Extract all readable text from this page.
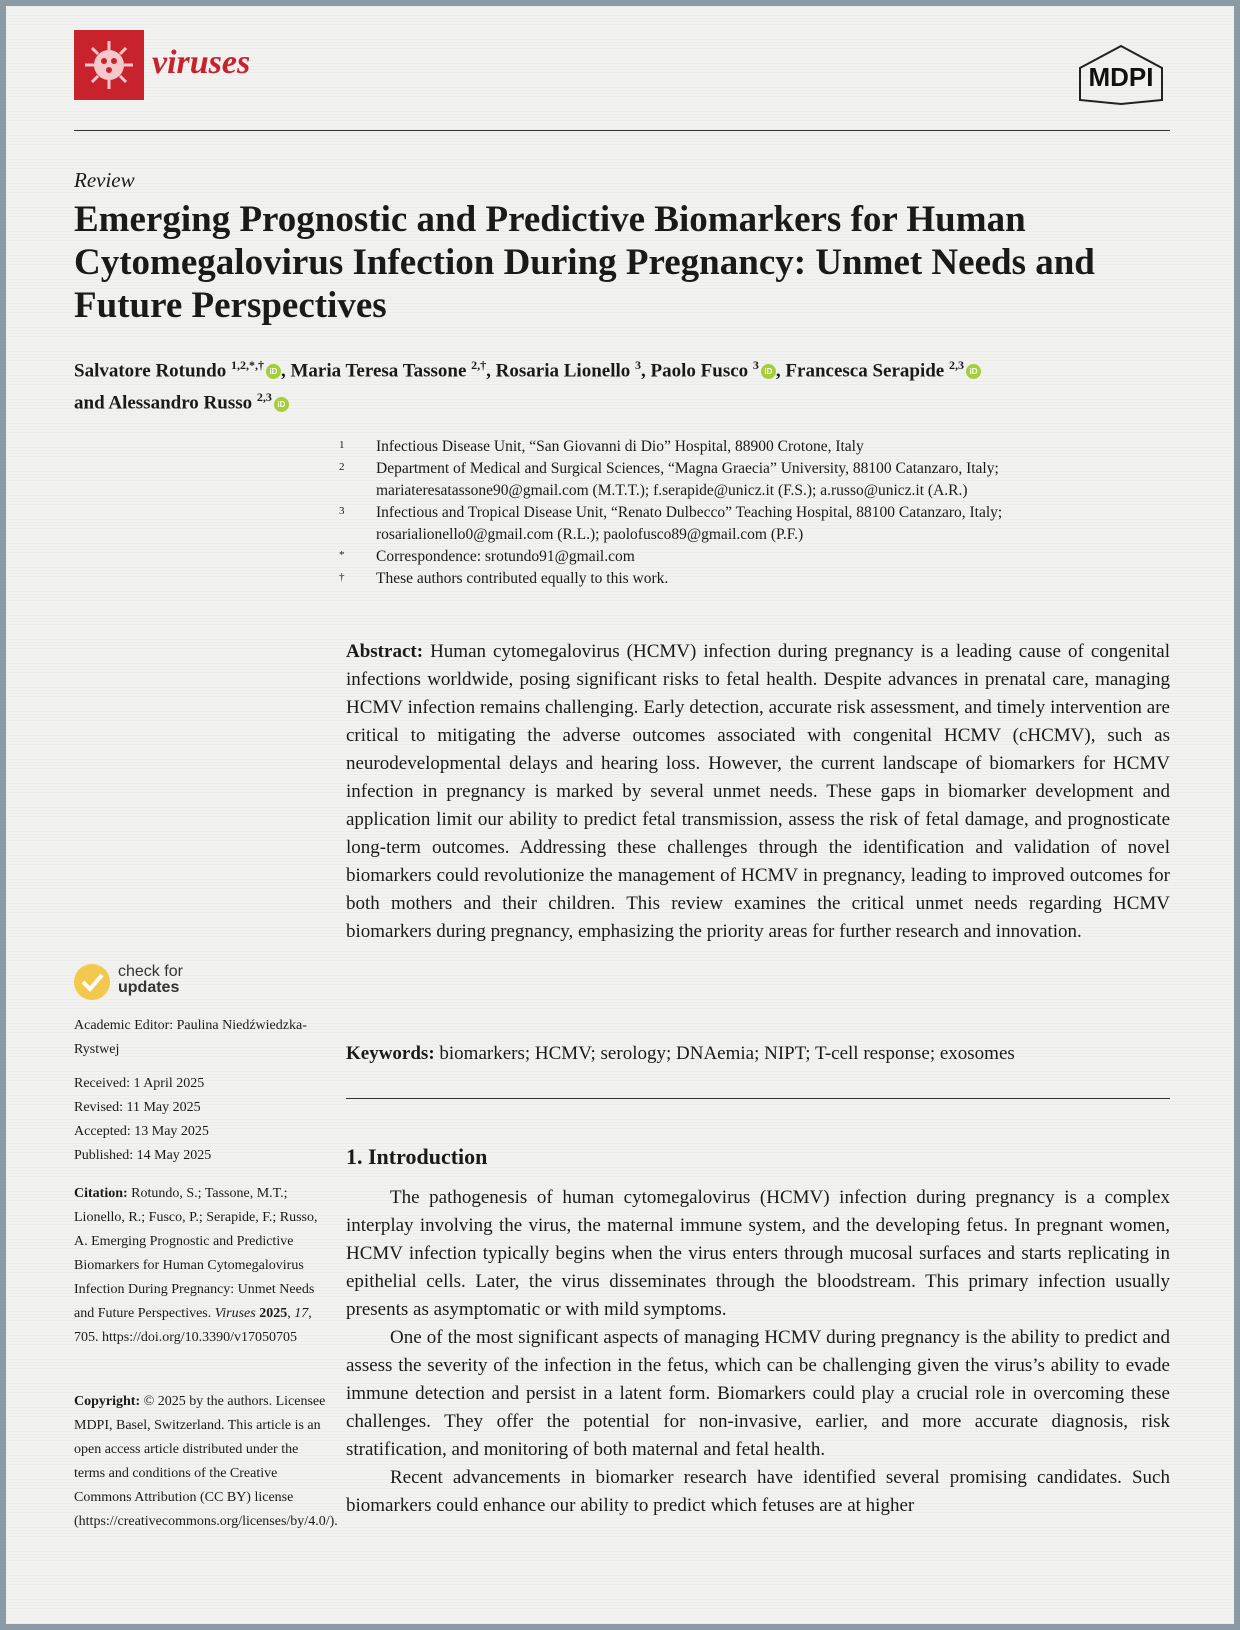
viruses	MDPI
Review
Emerging Prognostic and Predictive Biomarkers for Human Cytomegalovirus Infection During Pregnancy: Unmet Needs and Future Perspectives
Salvatore Rotundo $^{1,2,*,\dagger}$ iD , Maria Teresa Tassone $^{2,\dagger}$, Rosaria Lionello $^3$, Paolo Fusco $^3$ iD , Francesca Serapide $^{2,3}$ iD
and Alessandro Russo $^{2,3}$ iD
1 Infectious Disease Unit, “San Giovanni di Dio” Hospital, 88900 Crotone, Italy
2 Department of Medical and Surgical Sciences, “Magna Graecia” University, 88100 Catanzaro, Italy;
mariateresatassone90@gmail.com (M.T.T.); f.serapide@unicz.it (F.S.); a.russo@unicz.it (A.R.)
3 Infectious and Tropical Disease Unit, “Renato Dulbecco” Teaching Hospital, 88100 Catanzaro, Italy;
rosarialionello0@gmail.com (R.L.); paolofusco89@gmail.com (P.F.)
* Correspondence: srotundo91@gmail.com
† These authors contributed equally to this work.
Abstract: Human cytomegalovirus (HCMV) infection during pregnancy is a leading cause of congenital infections worldwide, posing significant risks to fetal health. Despite advances in prenatal care, managing HCMV infection remains challenging. Early detection, accurate risk assessment, and timely intervention are critical to mitigating the adverse outcomes associated with congenital HCMV (cHCMV), such as neurodevelopmental delays and hearing loss. However, the current landscape of biomarkers for HCMV infection in pregnancy is marked by several unmet needs. These gaps in biomarker development and application limit our ability to predict fetal transmission, assess the risk of fetal damage, and prognosticate long-term outcomes. Addressing these challenges through the identification and validation of novel biomarkers could revolutionize the management of HCMV in pregnancy, leading to improved outcomes for both mothers and their children. This review examines the critical unmet needs regarding HCMV biomarkers during pregnancy, emphasizing the priority areas for further research and innovation.
Keywords: biomarkers; HCMV; serology; DNAemia; NIPT; T-cell response; exosomes
1. Introduction

The pathogenesis of human cytomegalovirus (HCMV) infection during pregnancy is a complex interplay involving the virus, the maternal immune system, and the developing fetus. In pregnant women, HCMV infection typically begins when the virus enters through mucosal surfaces and starts replicating in epithelial cells. Later, the virus disseminates through the bloodstream. This primary infection usually presents as asymptomatic or with mild symptoms.

One of the most significant aspects of managing HCMV during pregnancy is the ability to predict and assess the severity of the infection in the fetus, which can be challenging given the virus’s ability to evade immune detection and persist in a latent form. Biomarkers could play a crucial role in overcoming these challenges. They offer the potential for non-invasive, earlier, and more accurate diagnosis, risk stratification, and monitoring of both maternal and fetal health.

Recent advancements in biomarker research have identified several promising candidates. Such biomarkers could enhance our ability to predict which fetuses are at higher

check for
updates
Academic Editor: Paulina Niedźwiedzka-Rystwej
Received: 1 April 2025
Revised: 11 May 2025
Accepted: 13 May 2025
Published: 14 May 2025
Citation: Rotundo, S.; Tassone, M.T.; Lionello, R.; Fusco, P.; Serapide, F.; Russo, A. Emerging Prognostic and Predictive Biomarkers for Human Cytomegalovirus Infection During Pregnancy: Unmet Needs and Future Perspectives. Viruses 2025, 17, 705. https://doi.org/10.3390/v17050705
Copyright: © 2025 by the authors. Licensee MDPI, Basel, Switzerland. This article is an open access article distributed under the terms and conditions of the Creative Commons Attribution (CC BY) license (https://creativecommons.org/licenses/by/4.0/).
